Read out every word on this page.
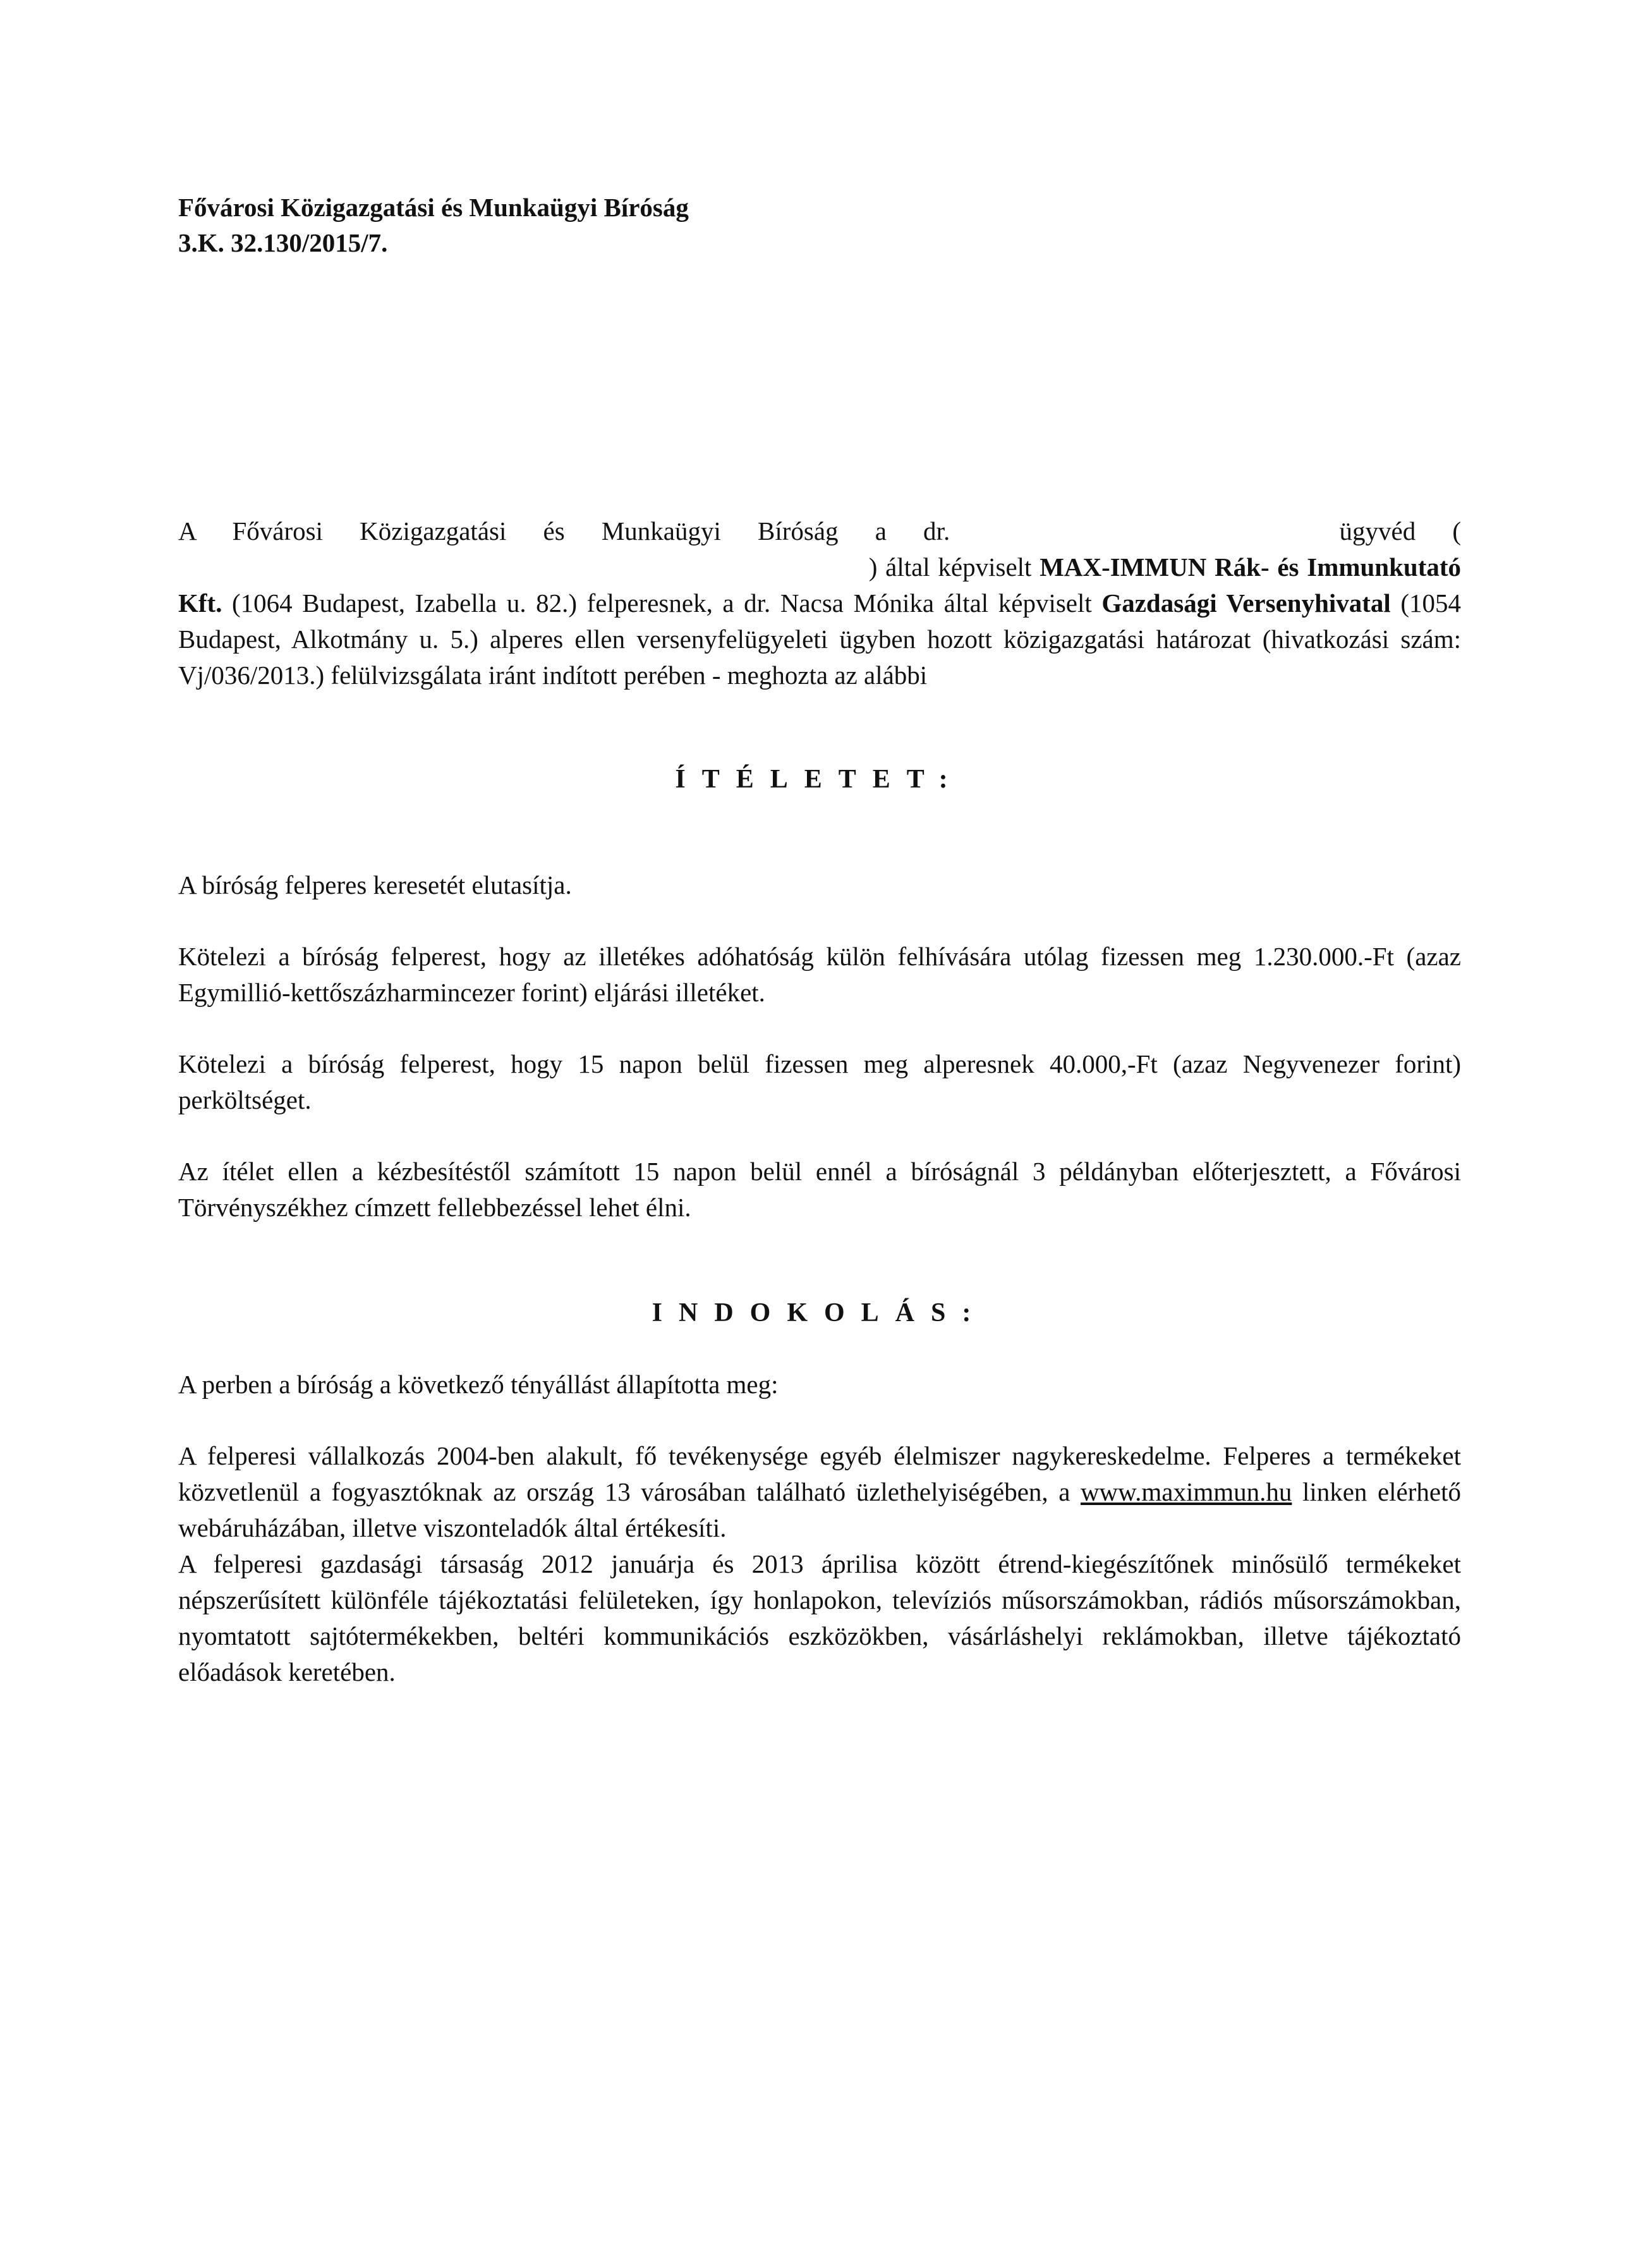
Fővárosi Közigazgatási és Munkaügyi Bíróság
3.K. 32.130/2015/7.

A Fővárosi Közigazgatási és Munkaügyi Bíróság a dr.	ügyvéd (  ) által képviselt MAX-IMMUN Rák- és Immunkutató Kft. (1064 Budapest, Izabella u. 82.) felperesnek, a dr. Nacsa Mónika által képviselt Gazdasági Versenyhivatal (1054 Budapest, Alkotmány u. 5.) alperes ellen versenyfelügyeleti ügyben hozott közigazgatási határozat (hivatkozási szám: Vj/036/2013.) felülvizsgálata iránt indított perében - meghozta az alábbi

ÍTÉLETET:

A bíróság felperes keresetét elutasítja.

Kötelezi a bíróság felperest, hogy az illetékes adóhatóság külön felhívására utólag fizessen meg 1.230.000.-Ft (azaz Egymillió-kettőszázharmincezer forint) eljárási illetéket.

Kötelezi a bíróság felperest, hogy 15 napon belül fizessen meg alperesnek 40.000,-Ft (azaz Negyvenezer forint) perköltséget.

Az ítélet ellen a kézbesítéstől számított 15 napon belül ennél a bíróságnál 3 példányban előterjesztett, a Fővárosi Törvényszékhez címzett fellebbezéssel lehet élni.

INDOKOLÁS:

A perben a bíróság a következő tényállást állapította meg:

A felperesi vállalkozás 2004-ben alakult, fő tevékenysége egyéb élelmiszer nagykereskedelme. Felperes a termékeket közvetlenül a fogyasztóknak az ország 13 városában található üzlethelyiségében, a www.maximmun.hu linken elérhető webáruházában, illetve viszonteladók által értékesíti.

A felperesi gazdasági társaság 2012 januárja és 2013 áprilisa között étrend-kiegészítőnek minősülő termékeket népszerűsített különféle tájékoztatási felületeken, így honlapokon, televíziós műsorszámokban, rádiós műsorszámokban, nyomtatott sajtótermékekben, beltéri kommunikációs eszközökben, vásárláshelyi reklámokban, illetve tájékoztató előadások keretében.
